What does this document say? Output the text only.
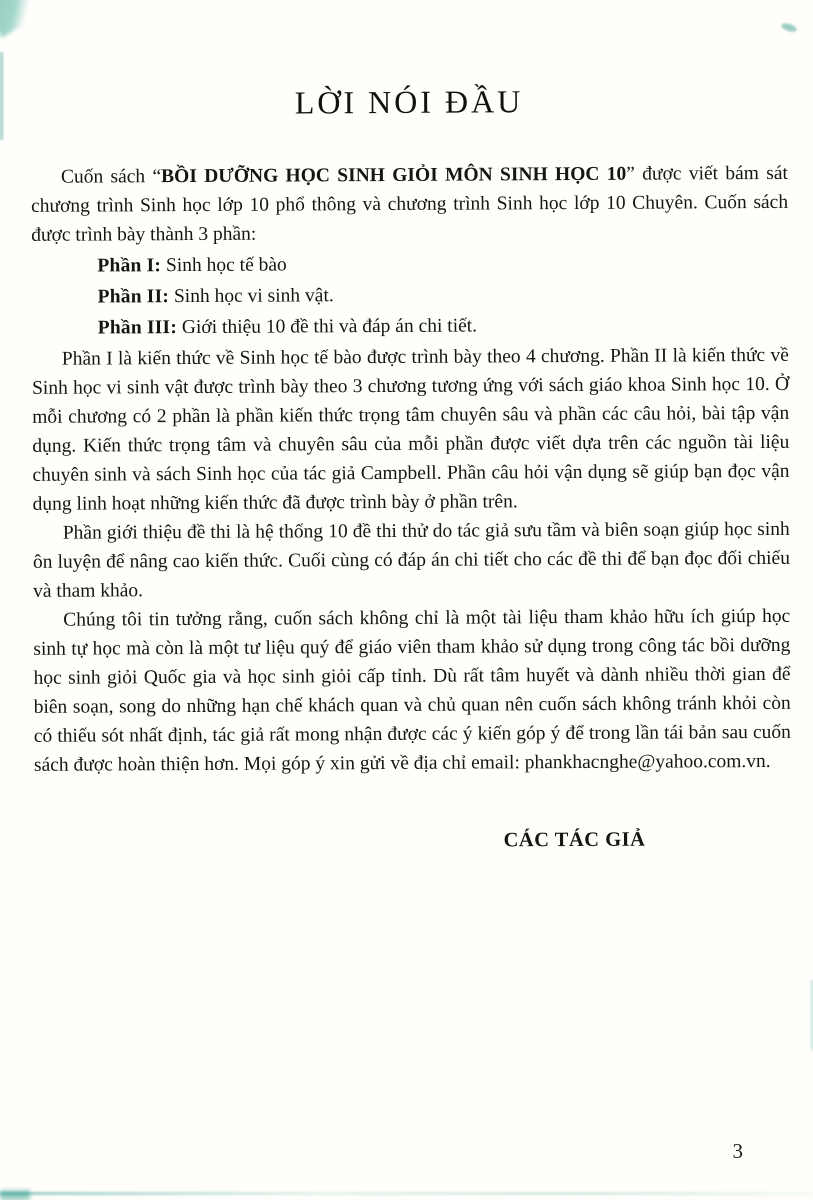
LỜI NÓI ĐẦU

Cuốn sách “BỒI DƯỠNG HỌC SINH GIỎI MÔN SINH HỌC 10” được viết bám sát chương trình Sinh học lớp 10 phổ thông và chương trình Sinh học lớp 10 Chuyên. Cuốn sách được trình bày thành 3 phần:

Phần I: Sinh học tế bào

Phần II: Sinh học vi sinh vật.

Phần III: Giới thiệu 10 đề thi và đáp án chi tiết.

Phần I là kiến thức về Sinh học tế bào được trình bày theo 4 chương. Phần II là kiến thức về Sinh học vi sinh vật được trình bày theo 3 chương tương ứng với sách giáo khoa Sinh học 10. Ở mỗi chương có 2 phần là phần kiến thức trọng tâm chuyên sâu và phần các câu hỏi, bài tập vận dụng. Kiến thức trọng tâm và chuyên sâu của mỗi phần được viết dựa trên các nguồn tài liệu chuyên sinh và sách Sinh học của tác giả Campbell. Phần câu hỏi vận dụng sẽ giúp bạn đọc vận dụng linh hoạt những kiến thức đã được trình bày ở phần trên.

Phần giới thiệu đề thi là hệ thống 10 đề thi thử do tác giả sưu tầm và biên soạn giúp học sinh ôn luyện để nâng cao kiến thức. Cuối cùng có đáp án chi tiết cho các đề thi để bạn đọc đối chiếu và tham khảo.

Chúng tôi tin tưởng rằng, cuốn sách không chỉ là một tài liệu tham khảo hữu ích giúp học sinh tự học mà còn là một tư liệu quý để giáo viên tham khảo sử dụng trong công tác bồi dưỡng học sinh giỏi Quốc gia và học sinh giỏi cấp tỉnh. Dù rất tâm huyết và dành nhiều thời gian để biên soạn, song do những hạn chế khách quan và chủ quan nên cuốn sách không tránh khỏi còn có thiếu sót nhất định, tác giả rất mong nhận được các ý kiến góp ý để trong lần tái bản sau cuốn sách được hoàn thiện hơn. Mọi góp ý xin gửi về địa chỉ email: phankhacnghe@yahoo.com.vn.

CÁC TÁC GIẢ
3
